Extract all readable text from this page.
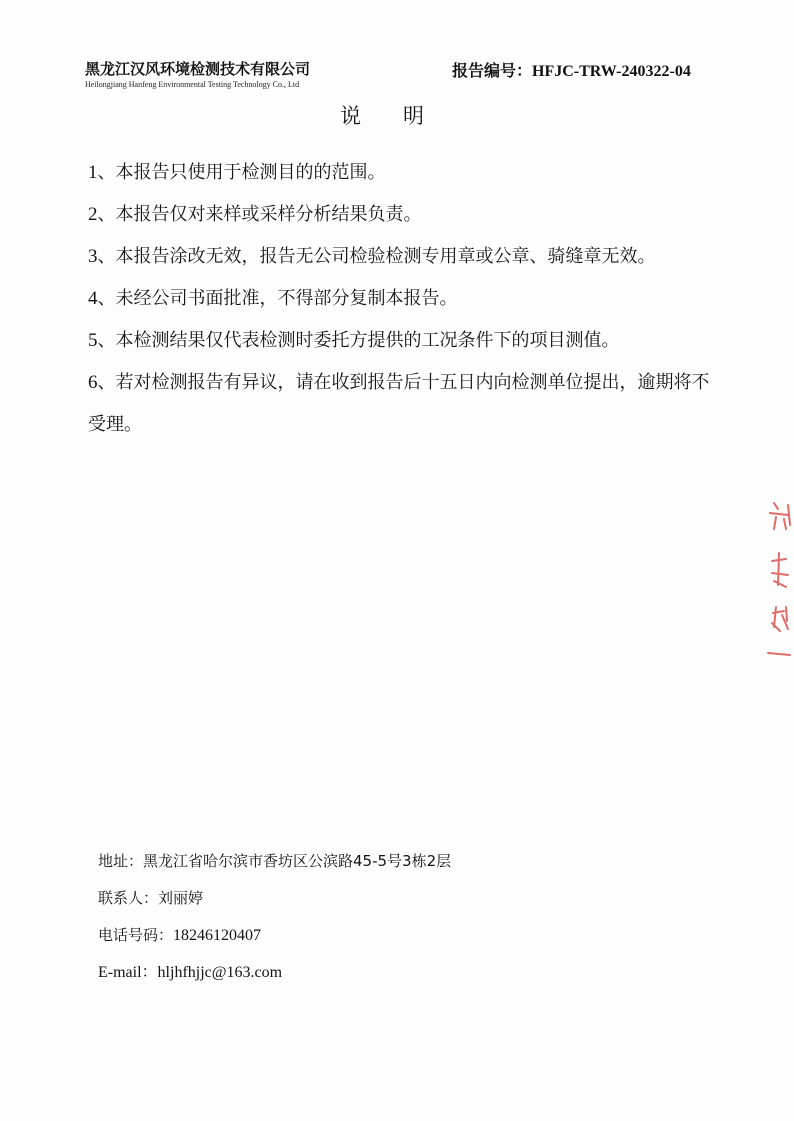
黑龙江汉风环境检测技术有限公司
Heilongjiang Hanfeng Environmental Testing Technology Co., Ltd
报告编号：HFJC-TRW-240322-04
说明

1、本报告只使用于检测目的的范围。

2、本报告仅对来样或采样分析结果负责。

3、本报告涂改无效，报告无公司检验检测专用章或公章、骑缝章无效。

4、未经公司书面批准，不得部分复制本报告。

5、本检测结果仅代表检测时委托方提供的工况条件下的项目测值。

6、若对检测报告有异议，请在收到报告后十五日内向检测单位提出，逾期将不受理。

地址：黑龙江省哈尔滨市香坊区公滨路45-5号3栋2层
联系人：刘丽婷
电话号码：18246120407
E-mail：hljhfhjjc@163.com
